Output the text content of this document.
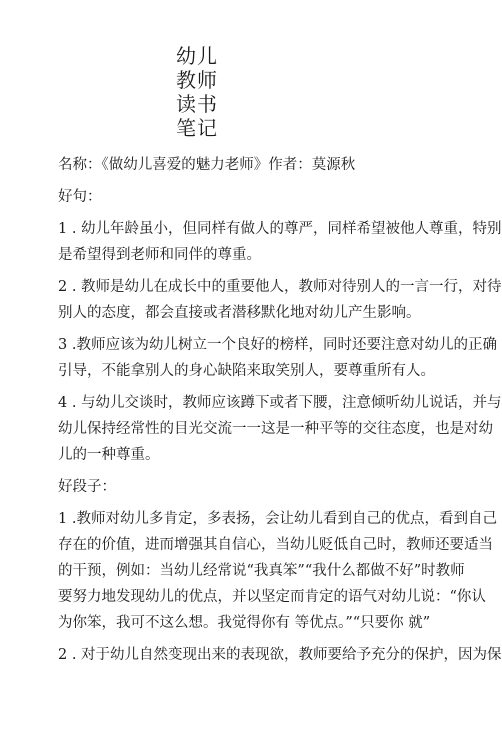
幼儿
教师
读书
笔记
名称：《做幼儿喜爱的魅力老师》作者：莫源秋
好句：
1 . 幼儿年龄虽小，但同样有做人的尊严，同样希望被他人尊重，特别
是希望得到老师和同伴的尊重。
2 . 教师是幼儿在成长中的重要他人，教师对待别人的一言一行，对待
别人的态度，都会直接或者潜移默化地对幼儿产生影响。
3 .教师应该为幼儿树立一个良好的榜样，同时还要注意对幼儿的正确
引导，不能拿别人的身心缺陷来取笑别人，要尊重所有人。
4 . 与幼儿交谈时，教师应该蹲下或者下腰，注意倾听幼儿说话，并与
幼儿保持经常性的目光交流一一这是一种平等的交往态度，也是对幼
儿的一种尊重。
好段子：
1 .教师对幼儿多肯定，多表扬，会让幼儿看到自己的优点，看到自己
存在的价值，进而增强其自信心，当幼儿贬低自己时，教师还要适当
的干预，例如：当幼儿经常说“我真笨”“我什么都做不好”时教师
要努力地发现幼儿的优点，并以坚定而肯定的语气对幼儿说：“你认
为你笨，我可不这么想。我觉得你有 等优点。”“只要你 就”
2 . 对于幼儿自然变现出来的表现欲，教师要给予充分的保护，因为保
